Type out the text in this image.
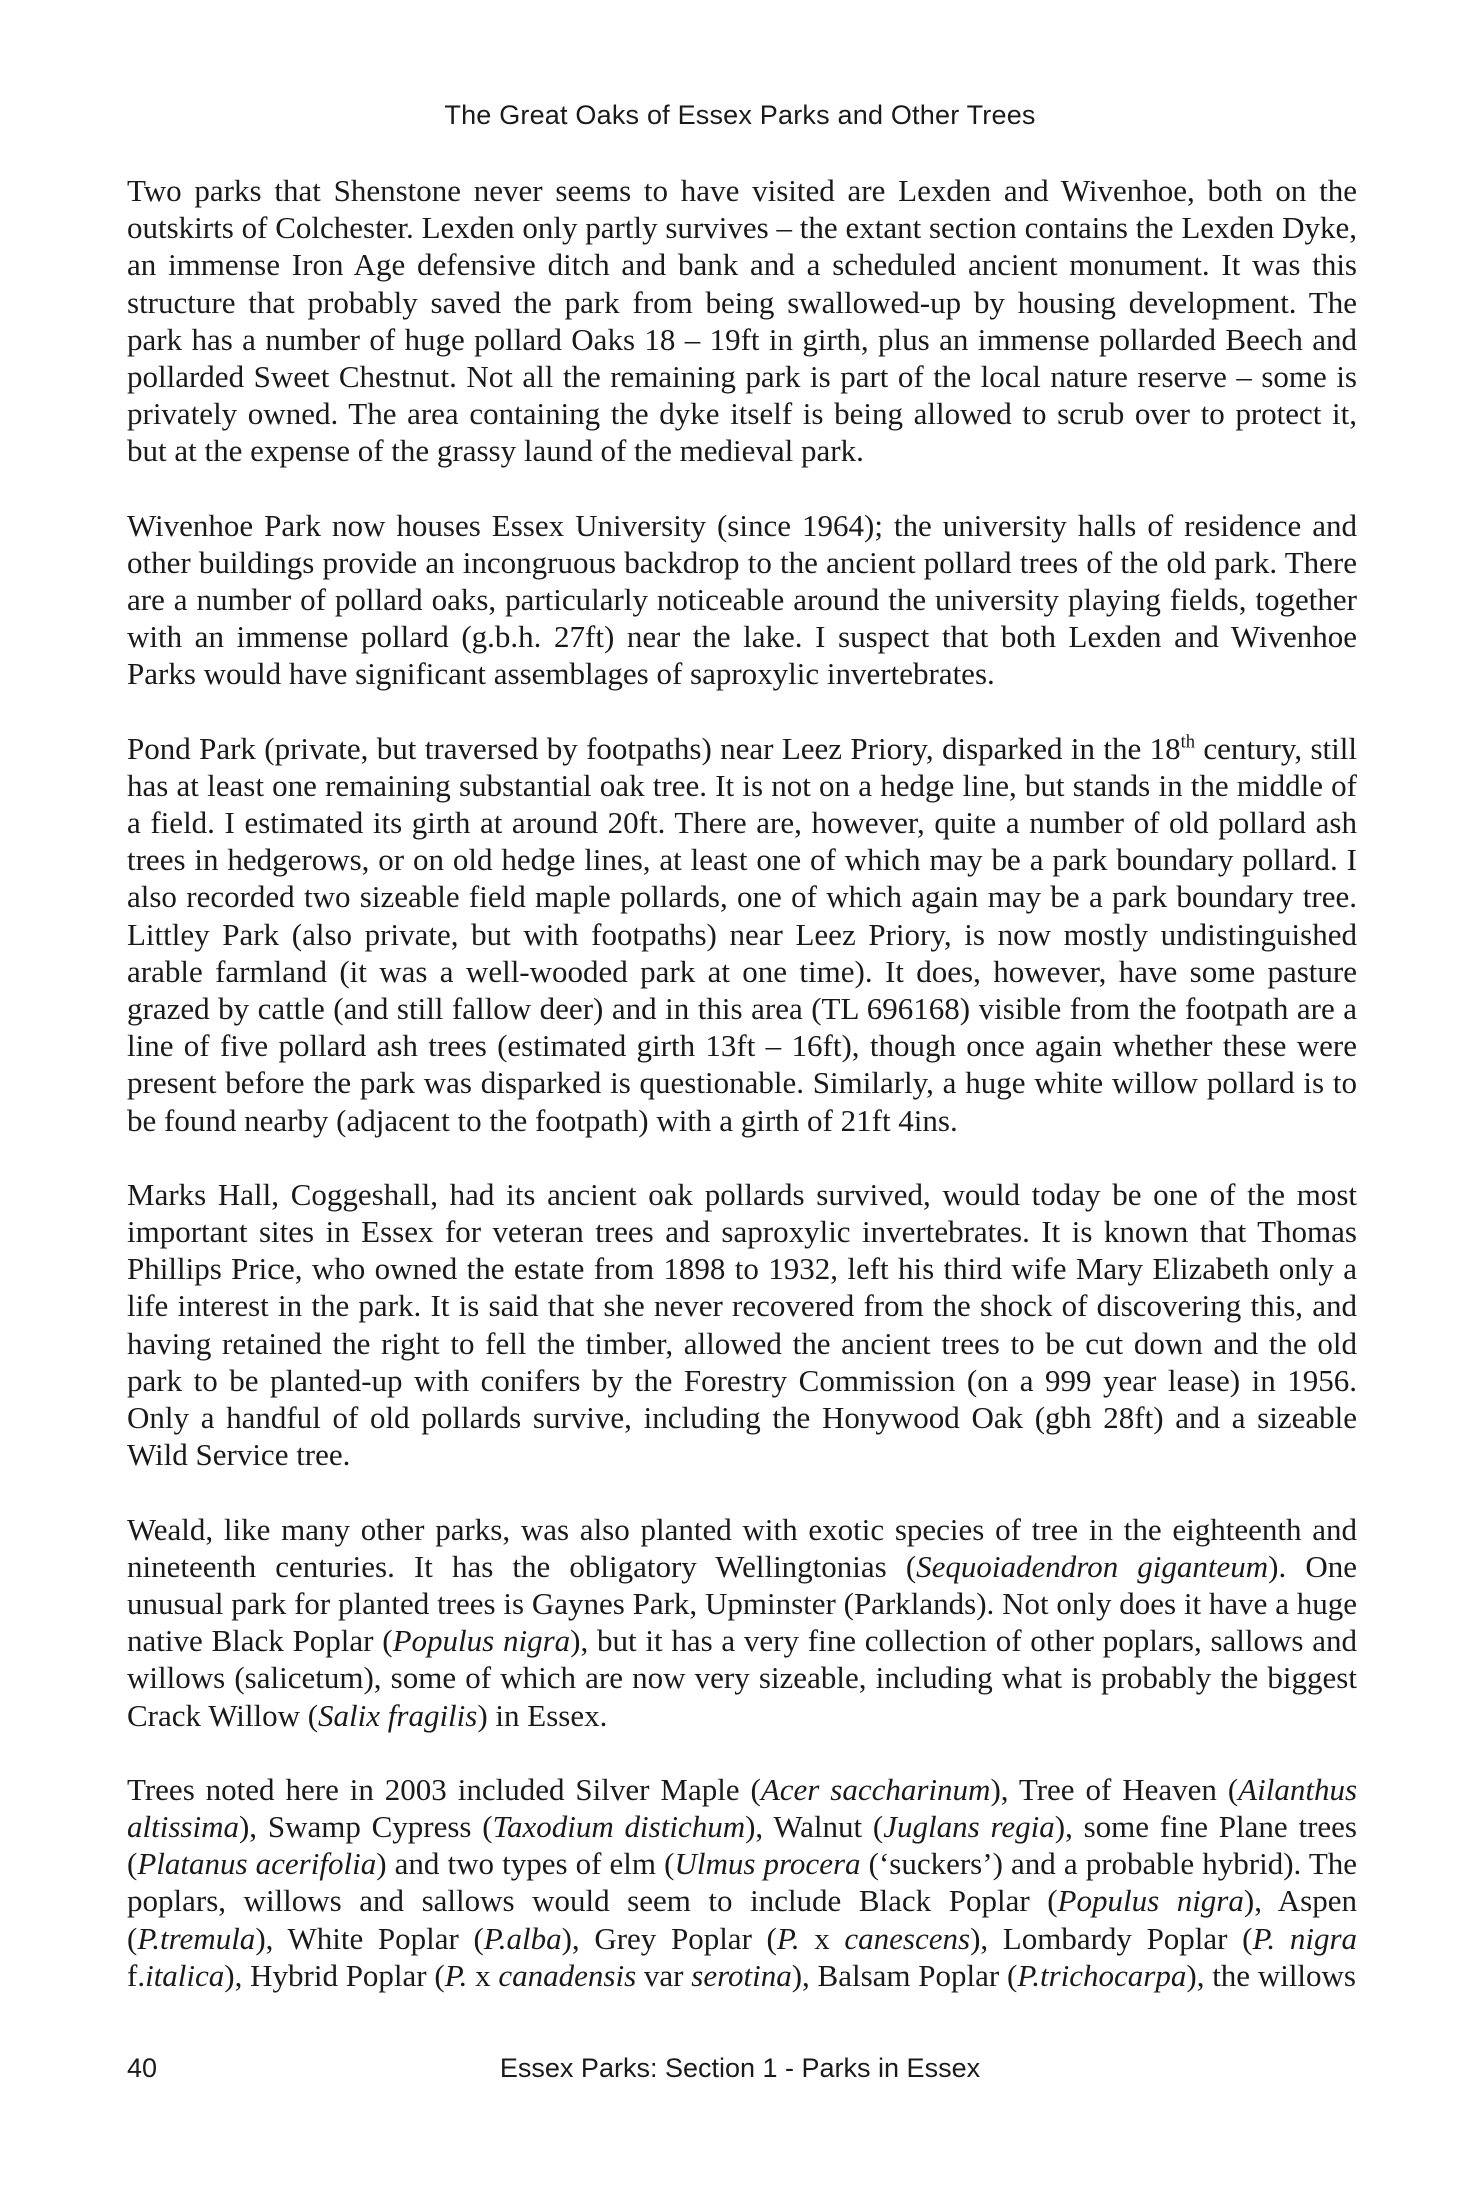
The Great Oaks of Essex Parks and Other Trees

Two parks that Shenstone never seems to have visited are Lexden and Wivenhoe, both on the outskirts of Colchester. Lexden only partly survives – the extant section contains the Lexden Dyke, an immense Iron Age defensive ditch and bank and a scheduled ancient monument. It was this structure that probably saved the park from being swallowed-up by housing development. The park has a number of huge pollard Oaks 18 – 19ft in girth, plus an immense pollarded Beech and pollarded Sweet Chestnut. Not all the remaining park is part of the local nature reserve – some is privately owned. The area containing the dyke itself is being allowed to scrub over to protect it, but at the expense of the grassy laund of the medieval park.

Wivenhoe Park now houses Essex University (since 1964); the university halls of residence and other buildings provide an incongruous backdrop to the ancient pollard trees of the old park. There are a number of pollard oaks, particularly noticeable around the university playing fields, together with an immense pollard (g.b.h. 27ft) near the lake. I suspect that both Lexden and Wivenhoe Parks would have significant assemblages of saproxylic invertebrates.

Pond Park (private, but traversed by footpaths) near Leez Priory, disparked in the 18th century, still has at least one remaining substantial oak tree. It is not on a hedge line, but stands in the middle of a field. I estimated its girth at around 20ft. There are, however, quite a number of old pollard ash trees in hedgerows, or on old hedge lines, at least one of which may be a park boundary pollard. I also recorded two sizeable field maple pollards, one of which again may be a park boundary tree. Littley Park (also private, but with footpaths) near Leez Priory, is now mostly undistinguished arable farmland (it was a well-wooded park at one time). It does, however, have some pasture grazed by cattle (and still fallow deer) and in this area (TL 696168) visible from the footpath are a line of five pollard ash trees (estimated girth 13ft – 16ft), though once again whether these were present before the park was disparked is questionable. Similarly, a huge white willow pollard is to be found nearby (adjacent to the footpath) with a girth of 21ft 4ins.

Marks Hall, Coggeshall, had its ancient oak pollards survived, would today be one of the most important sites in Essex for veteran trees and saproxylic invertebrates. It is known that Thomas Phillips Price, who owned the estate from 1898 to 1932, left his third wife Mary Elizabeth only a life interest in the park. It is said that she never recovered from the shock of discovering this, and having retained the right to fell the timber, allowed the ancient trees to be cut down and the old park to be planted-up with conifers by the Forestry Commission (on a 999 year lease) in 1956. Only a handful of old pollards survive, including the Honywood Oak (gbh 28ft) and a sizeable Wild Service tree.

Weald, like many other parks, was also planted with exotic species of tree in the eighteenth and nineteenth centuries. It has the obligatory Wellingtonias (Sequoiadendron giganteum). One unusual park for planted trees is Gaynes Park, Upminster (Parklands). Not only does it have a huge native Black Poplar (Populus nigra), but it has a very fine collection of other poplars, sallows and willows (salicetum), some of which are now very sizeable, including what is probably the biggest Crack Willow (Salix fragilis) in Essex.

Trees noted here in 2003 included Silver Maple (Acer saccharinum), Tree of Heaven (Ailanthus altissima), Swamp Cypress (Taxodium distichum), Walnut (Juglans regia), some fine Plane trees (Platanus acerifolia) and two types of elm (Ulmus procera (‘suckers’) and a probable hybrid). The poplars, willows and sallows would seem to include Black Poplar (Populus nigra), Aspen (P.tremula), White Poplar (P.alba), Grey Poplar (P. x canescens), Lombardy Poplar (P. nigra f.italica), Hybrid Poplar (P. x canadensis var serotina), Balsam Poplar (P.trichocarpa), the willows

40	Essex Parks: Section 1 - Parks in Essex
